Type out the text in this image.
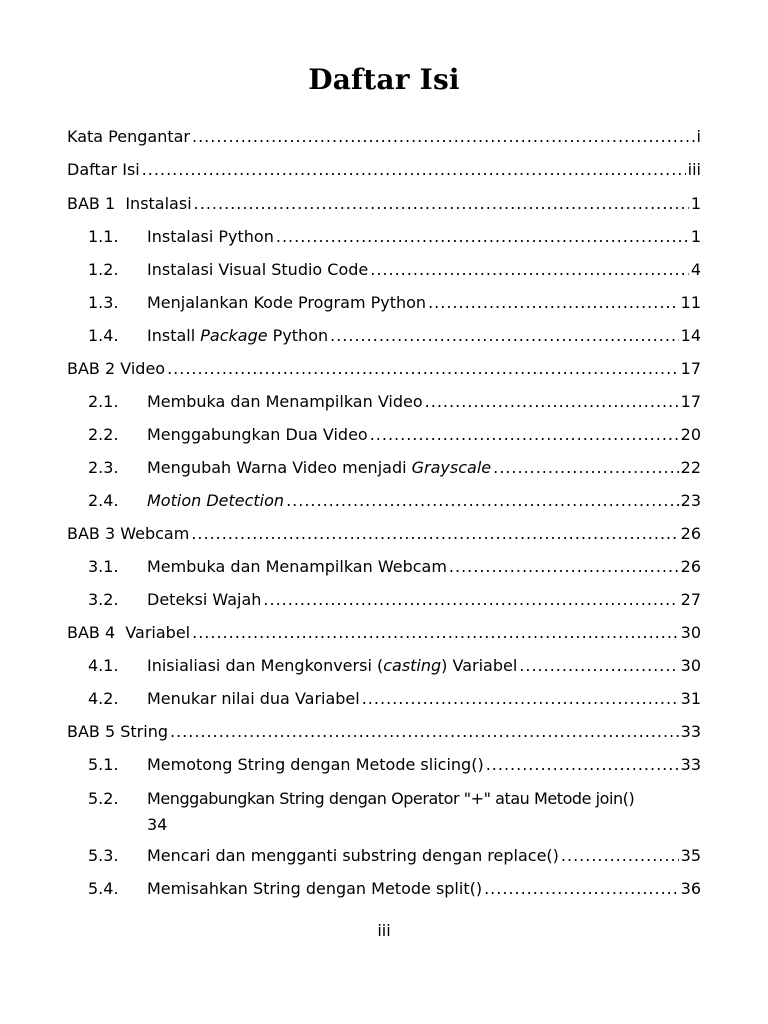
Daftar Isi
Kata Pengantar .....	i
Daftar Isi .....	iii
BAB 1  Instalasi .....	1
1.1.	Instalasi Python .....	1
1.2.	Instalasi Visual Studio Code .....	4
1.3.	Menjalankan Kode Program Python .....	11
1.4.	Install Package Python .....	14
BAB 2 Video .....	17
2.1.	Membuka dan Menampilkan Video .....	17
2.2.	Menggabungkan Dua Video .....	20
2.3.	Mengubah Warna Video menjadi Grayscale .....	22
2.4.	Motion Detection .....	23
BAB 3 Webcam .....	26
3.1.	Membuka dan Menampilkan Webcam .....	26
3.2.	Deteksi Wajah .....	27
BAB 4  Variabel .....	30
4.1.	Inisialiasi dan Mengkonversi (casting) Variabel .....	30
4.2.	Menukar nilai dua Variabel .....	31
BAB 5 String .....	33
5.1.	Memotong String dengan Metode slicing() .....	33
5.2.	Menggabungkan String dengan Operator "+" atau Metode join()
34
5.3.	Mencari dan mengganti substring dengan replace() .....	35
5.4.	Memisahkan String dengan Metode split() .....	36
iii
